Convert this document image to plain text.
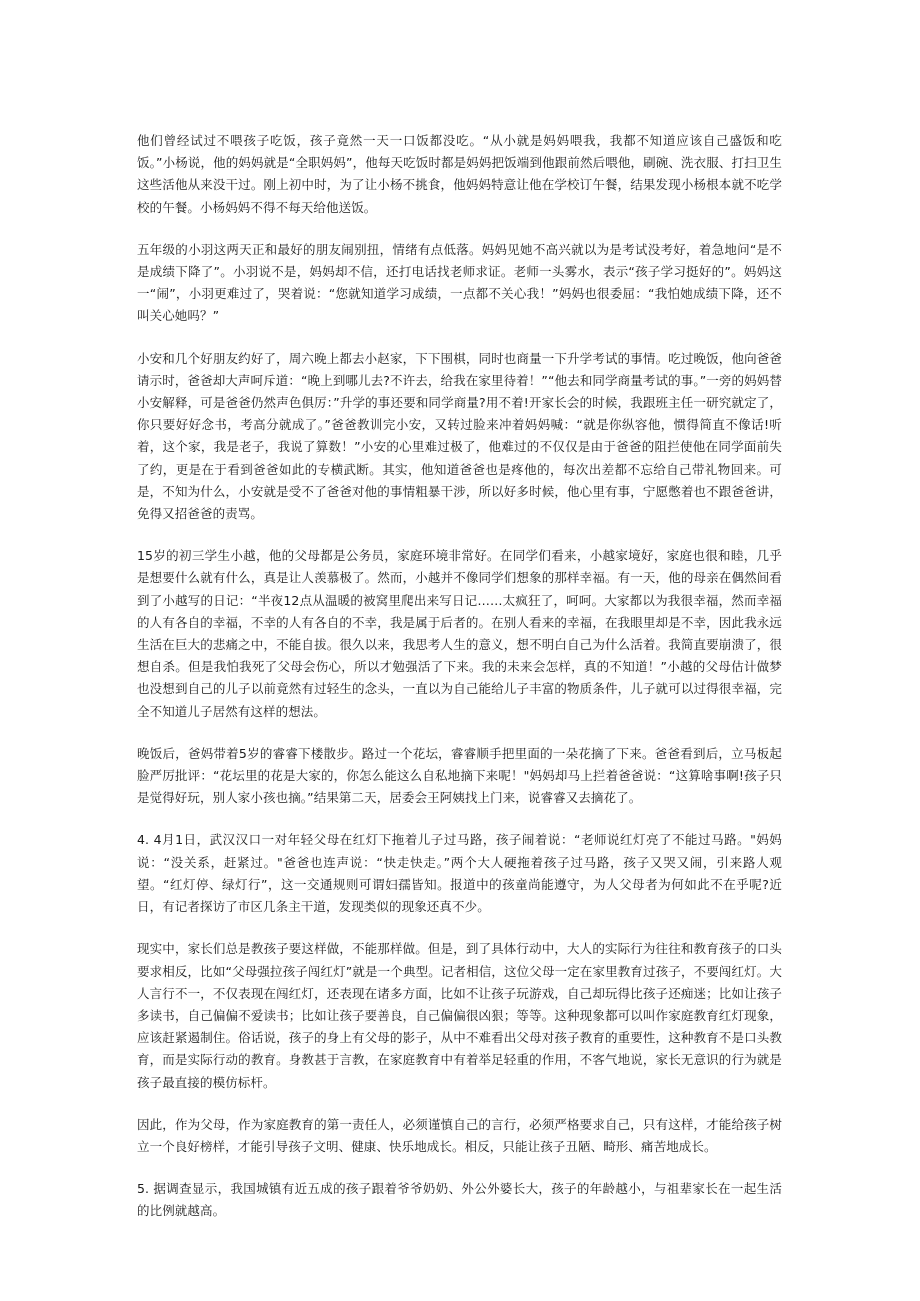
他们曾经试过不喂孩子吃饭，孩子竟然一天一口饭都没吃。“从小就是妈妈喂我，我都不知道应该自己盛饭和吃饭。”小杨说，他的妈妈就是“全职妈妈”，他每天吃饭时都是妈妈把饭端到他跟前然后喂他，刷碗、洗衣服、打扫卫生这些活他从来没干过。刚上初中时，为了让小杨不挑食，他妈妈特意让他在学校订午餐，结果发现小杨根本就不吃学校的午餐。小杨妈妈不得不每天给他送饭。

五年级的小羽这两天正和最好的朋友闹别扭，情绪有点低落。妈妈见她不高兴就以为是考试没考好，着急地问“是不是成绩下降了”。小羽说不是，妈妈却不信，还打电话找老师求证。老师一头雾水，表示“孩子学习挺好的”。妈妈这一“闹”，小羽更难过了，哭着说：“您就知道学习成绩，一点都不关心我！”妈妈也很委屈：“我怕她成绩下降，还不叫关心她吗？”

小安和几个好朋友约好了，周六晚上都去小赵家，下下围棋，同时也商量一下升学考试的事情。吃过晚饭，他向爸爸请示时，爸爸却大声呵斥道：“晚上到哪儿去?不许去，给我在家里待着！”“他去和同学商量考试的事。”一旁的妈妈替小安解释，可是爸爸仍然声色俱厉：”升学的事还要和同学商量?用不着!开家长会的时候，我跟班主任一研究就定了，你只要好好念书，考高分就成了。”爸爸教训完小安，又转过脸来冲着妈妈喊：“就是你纵容他，惯得简直不像话!听着，这个家，我是老子，我说了算数！”小安的心里难过极了，他难过的不仅仅是由于爸爸的阻拦使他在同学面前失了约，更是在于看到爸爸如此的专横武断。其实，他知道爸爸也是疼他的，每次出差都不忘给自己带礼物回来。可是，不知为什么，小安就是受不了爸爸对他的事情粗暴干涉，所以好多时候，他心里有事，宁愿憋着也不跟爸爸讲，免得又招爸爸的责骂。

15岁的初三学生小越，他的父母都是公务员，家庭环境非常好。在同学们看来，小越家境好，家庭也很和睦，几乎是想要什么就有什么，真是让人羡慕极了。然而，小越并不像同学们想象的那样幸福。有一天，他的母亲在偶然间看到了小越写的日记：“半夜12点从温暖的被窝里爬出来写日记……太疯狂了，呵呵。大家都以为我很幸福，然而幸福的人有各自的幸福，不幸的人有各自的不幸，我是属于后者的。在别人看来的幸福，在我眼里却是不幸，因此我永远生活在巨大的悲痛之中，不能自拔。很久以来，我思考人生的意义，想不明白自己为什么活着。我简直要崩溃了，很想自杀。但是我怕我死了父母会伤心，所以才勉强活了下来。我的未来会怎样，真的不知道！”小越的父母估计做梦也没想到自己的儿子以前竟然有过轻生的念头，一直以为自己能给儿子丰富的物质条件，儿子就可以过得很幸福，完全不知道儿子居然有这样的想法。

晚饭后，爸妈带着5岁的睿睿下楼散步。路过一个花坛，睿睿顺手把里面的一朵花摘了下来。爸爸看到后，立马板起脸严厉批评：“花坛里的花是大家的，你怎么能这么自私地摘下来呢！"妈妈却马上拦着爸爸说：“这算啥事啊!孩子只是觉得好玩，别人家小孩也摘。”结果第二天，居委会王阿姨找上门来，说睿睿又去摘花了。

4. 4月1日，武汉汉口一对年轻父母在红灯下拖着儿子过马路，孩子闹着说：“老师说红灯亮了不能过马路。"妈妈说：“没关系，赶紧过。"爸爸也连声说：“快走快走。”两个大人硬拖着孩子过马路，孩子又哭又闹，引来路人观望。“红灯停、绿灯行”，这一交通规则可谓妇孺皆知。报道中的孩童尚能遵守，为人父母者为何如此不在乎呢?近日，有记者探访了市区几条主干道，发现类似的现象还真不少。

现实中，家长们总是教孩子要这样做，不能那样做。但是，到了具体行动中，大人的实际行为往往和教育孩子的口头要求相反，比如“父母强拉孩子闯红灯”就是一个典型。记者相信，这位父母一定在家里教育过孩子，不要闯红灯。大人言行不一，不仅表现在闯红灯，还表现在诸多方面，比如不让孩子玩游戏，自己却玩得比孩子还痴迷；比如让孩子多读书，自己偏偏不爱读书；比如让孩子要善良，自己偏偏很凶狠；等等。这种现象都可以叫作家庭教育红灯现象，应该赶紧遏制住。俗话说，孩子的身上有父母的影子，从中不难看出父母对孩子教育的重要性，这种教育不是口头教育，而是实际行动的教育。身教甚于言教，在家庭教育中有着举足轻重的作用，不客气地说，家长无意识的行为就是孩子最直接的模仿标杆。

因此，作为父母，作为家庭教育的第一责任人，必须谨慎自己的言行，必须严格要求自己，只有这样，才能给孩子树立一个良好榜样，才能引导孩子文明、健康、快乐地成长。相反，只能让孩子丑陋、畸形、痛苦地成长。

5. 据调查显示，我国城镇有近五成的孩子跟着爷爷奶奶、外公外婆长大，孩子的年龄越小，与祖辈家长在一起生活的比例就越高。
